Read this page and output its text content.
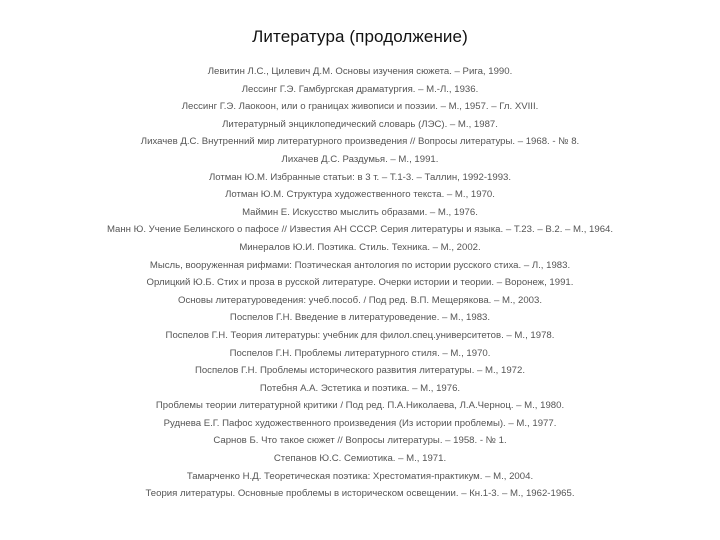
Литература (продолжение)
Левитин Л.С., Цилевич Д.М. Основы изучения сюжета. – Рига, 1990.
Лессинг Г.Э. Гамбургская драматургия. – М.-Л., 1936.
Лессинг Г.Э. Лаокоон, или о границах живописи и поэзии. – М., 1957. – Гл. XVIII.
Литературный энциклопедический словарь (ЛЭС). – М., 1987.
Лихачев Д.С. Внутренний мир литературного произведения // Вопросы литературы. – 1968. - № 8.
Лихачев Д.С. Раздумья. – М., 1991.
Лотман Ю.М. Избранные статьи: в 3 т. – Т.1-3. – Таллин, 1992-1993.
Лотман Ю.М. Структура художественного текста. – М., 1970.
Маймин Е. Искусство мыслить образами. – М., 1976.
Манн Ю. Учение Белинского о пафосе // Известия АН СССР. Серия литературы и языка. – Т.23. – В.2. – М., 1964.
Минералов Ю.И. Поэтика. Стиль. Техника. – М., 2002.
Мысль, вооруженная рифмами: Поэтическая антология по истории русского стиха. – Л., 1983.
Орлицкий Ю.Б. Стих и проза в русской литературе. Очерки истории и теории. – Воронеж, 1991.
Основы литературоведения: учеб.пособ. / Под ред. В.П. Мещерякова. – М., 2003.
Поспелов Г.Н. Введение в литературоведение. – М., 1983.
Поспелов Г.Н. Теория литературы: учебник для филол.спец.университетов. – М., 1978.
Поспелов Г.Н. Проблемы литературного стиля. – М., 1970.
Поспелов Г.Н. Проблемы исторического развития литературы. – М., 1972.
Потебня А.А. Эстетика и поэтика. – М., 1976.
Проблемы теории литературной критики / Под ред. П.А.Николаева, Л.А.Черноц. – М., 1980.
Руднева Е.Г. Пафос художественного произведения (Из истории проблемы). – М., 1977.
Сарнов Б. Что такое сюжет // Вопросы литературы. – 1958. - № 1.
Степанов Ю.С. Семиотика. – М., 1971.
Тамарченко Н.Д. Теоретическая поэтика: Хрестоматия-практикум. – М., 2004.
Теория литературы. Основные проблемы в историческом освещении. – Кн.1-3. – М., 1962-1965.
